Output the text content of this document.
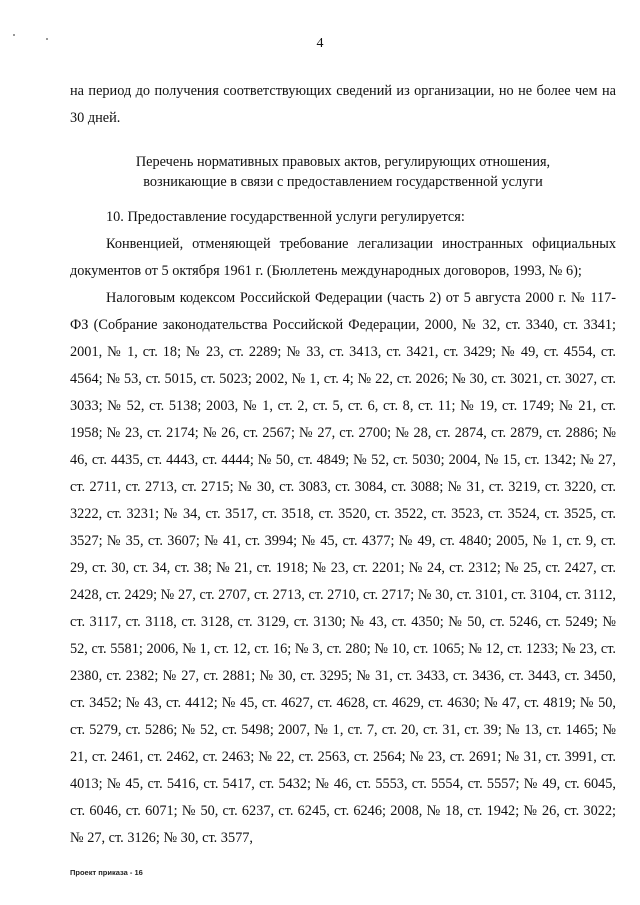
4

на период до получения соответствующих сведений из организации, но не более чем на 30 дней.

Перечень нормативных правовых актов, регулирующих отношения,
возникающие в связи с предоставлением государственной услуги

10. Предоставление государственной услуги регулируется:

Конвенцией, отменяющей требование легализации иностранных официальных документов от 5 октября 1961 г. (Бюллетень международных договоров, 1993, № 6);

Налоговым кодексом Российской Федерации (часть 2) от 5 августа 2000 г. № 117-ФЗ (Собрание законодательства Российской Федерации, 2000, № 32, ст. 3340, ст. 3341; 2001, № 1, ст. 18; № 23, ст. 2289; № 33, ст. 3413, ст. 3421, ст. 3429; № 49, ст. 4554, ст. 4564; № 53, ст. 5015, ст. 5023; 2002, № 1, ст. 4; № 22, ст. 2026; № 30, ст. 3021, ст. 3027, ст. 3033; № 52, ст. 5138; 2003, № 1, ст. 2, ст. 5, ст. 6, ст. 8, ст. 11; № 19, ст. 1749; № 21, ст. 1958; № 23, ст. 2174; № 26, ст. 2567; № 27, ст. 2700; № 28, ст. 2874, ст. 2879, ст. 2886; № 46, ст. 4435, ст. 4443, ст. 4444; № 50, ст. 4849; № 52, ст. 5030; 2004, № 15, ст. 1342; № 27, ст. 2711, ст. 2713, ст. 2715; № 30, ст. 3083, ст. 3084, ст. 3088; № 31, ст. 3219, ст. 3220, ст. 3222, ст. 3231; № 34, ст. 3517, ст. 3518, ст. 3520, ст. 3522, ст. 3523, ст. 3524, ст. 3525, ст. 3527; № 35, ст. 3607; № 41, ст. 3994; № 45, ст. 4377; № 49, ст. 4840; 2005, № 1, ст. 9, ст. 29, ст. 30, ст. 34, ст. 38; № 21, ст. 1918; № 23, ст. 2201; № 24, ст. 2312; № 25, ст. 2427, ст. 2428, ст. 2429; № 27, ст. 2707, ст. 2713, ст. 2710, ст. 2717; № 30, ст. 3101, ст. 3104, ст. 3112, ст. 3117, ст. 3118, ст. 3128, ст. 3129, ст. 3130; № 43, ст. 4350; № 50, ст. 5246, ст. 5249; № 52, ст. 5581; 2006, № 1, ст. 12, ст. 16; № 3, ст. 280; № 10, ст. 1065; № 12, ст. 1233; № 23, ст. 2380, ст. 2382; № 27, ст. 2881; № 30, ст. 3295; № 31, ст. 3433, ст. 3436, ст. 3443, ст. 3450, ст. 3452; № 43, ст. 4412; № 45, ст. 4627, ст. 4628, ст. 4629, ст. 4630; № 47, ст. 4819; № 50, ст. 5279, ст. 5286; № 52, ст. 5498; 2007, № 1, ст. 7, ст. 20, ст. 31, ст. 39; № 13, ст. 1465; № 21, ст. 2461, ст. 2462, ст. 2463; № 22, ст. 2563, ст. 2564; № 23, ст. 2691; № 31, ст. 3991, ст. 4013; № 45, ст. 5416, ст. 5417, ст. 5432; № 46, ст. 5553, ст. 5554, ст. 5557; № 49, ст. 6045, ст. 6046, ст. 6071; № 50, ст. 6237, ст. 6245, ст. 6246; 2008, № 18, ст. 1942; № 26, ст. 3022; № 27, ст. 3126; № 30, ст. 3577,

Проект приказа - 16
